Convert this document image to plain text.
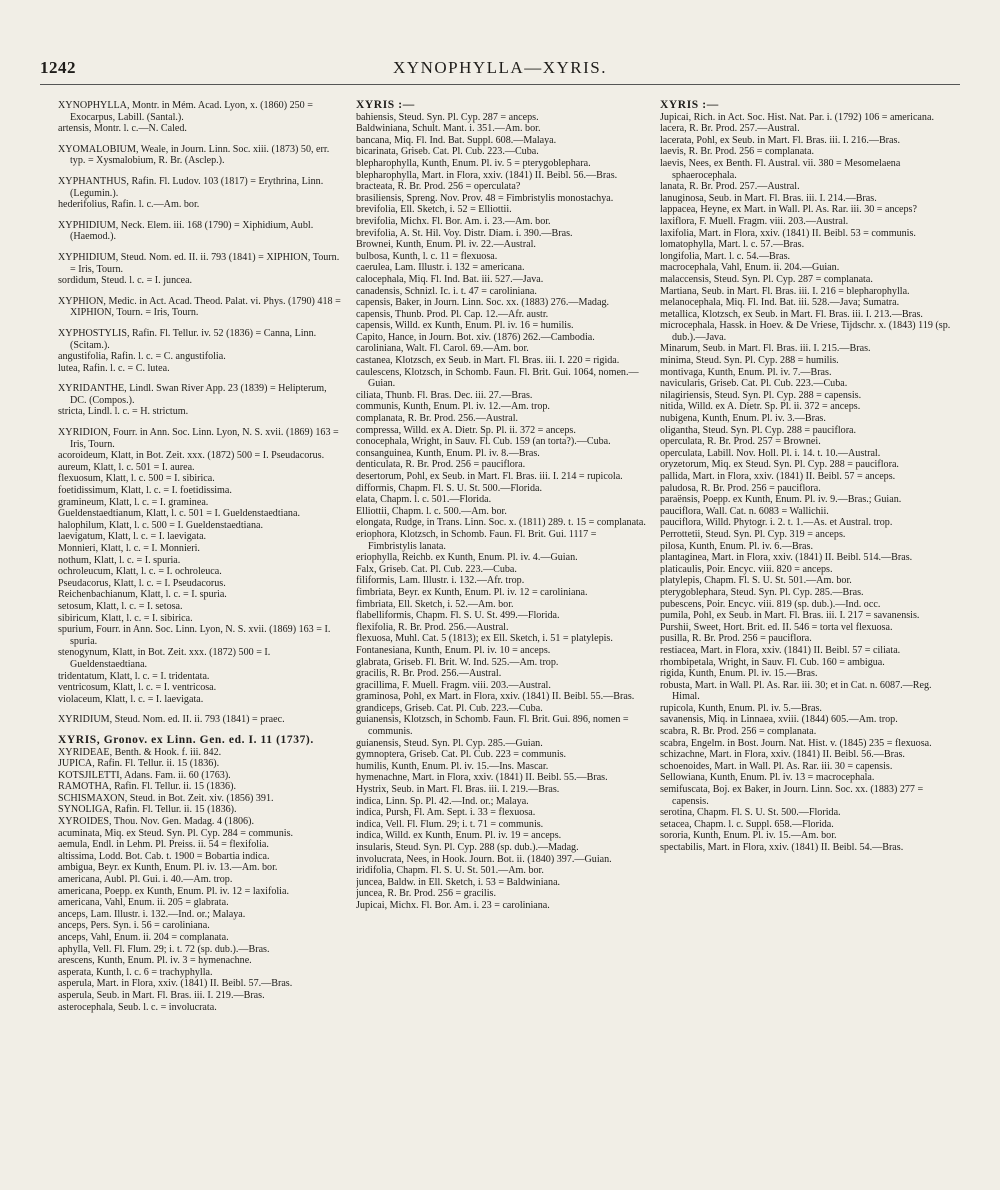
1242	XYNOPHYLLA—XYRIS.

XYNOPHYLLA, Montr. in Mém. Acad. Lyon, x. (1860) 250 = Exocarpus, Labill. (Santal.).

artensis, Montr. l. c.—N. Caled.

XYOMALOBIUM, Weale, in Journ. Linn. Soc. xiii. (1873) 50, err. typ. = Xysmalobium, R. Br. (Asclep.).

XYPHANTHUS, Rafin. Fl. Ludov. 103 (1817) = Erythrina, Linn. (Legumin.).

hederifolius, Rafin. l. c.—Am. bor.

XYPHIDIUM, Neck. Elem. iii. 168 (1790) = Xiphidium, Aubl. (Haemod.).

XYPHIDIUM, Steud. Nom. ed. II. ii. 793 (1841) = XIPHION, Tourn. = Iris, Tourn.

sordidum, Steud. l. c. = I. juncea.

XYPHION, Medic. in Act. Acad. Theod. Palat. vi. Phys. (1790) 418 = XIPHION, Tourn. = Iris, Tourn.

XYPHOSTYLIS, Rafin. Fl. Tellur. iv. 52 (1836) = Canna, Linn. (Scitam.).

angustifolia, Rafin. l. c. = C. angustifolia.

lutea, Rafin. l. c. = C. lutea.

XYRIDANTHE, Lindl. Swan River App. 23 (1839) = Helipterum, DC. (Compos.).

stricta, Lindl. l. c. = H. strictum.

XYRIDION, Fourr. in Ann. Soc. Linn. Lyon, N. S. xvii. (1869) 163 = Iris, Tourn.

acoroideum, Klatt, in Bot. Zeit. xxx. (1872) 500 = I. Pseudacorus.

aureum, Klatt, l. c. 501 = I. aurea.

flexuosum, Klatt, l. c. 500 = I. sibirica.

foetidissimum, Klatt, l. c. = I. foetidissima.

gramineum, Klatt, l. c. = I. graminea.

Gueldenstaedtianum, Klatt, l. c. 501 = I. Gueldenstaedtiana.

halophilum, Klatt, l. c. 500 = I. Gueldenstaedtiana.

laevigatum, Klatt, l. c. = I. laevigata.

Monnieri, Klatt, l. c. = I. Monnieri.

nothum, Klatt, l. c. = I. spuria.

ochroleucum, Klatt, l. c. = I. ochroleuca.

Pseudacorus, Klatt, l. c. = I. Pseudacorus.

Reichenbachianum, Klatt, l. c. = I. spuria.

setosum, Klatt, l. c. = I. setosa.

sibiricum, Klatt, l. c. = I. sibirica.

spurium, Fourr. in Ann. Soc. Linn. Lyon, N. S. xvii. (1869) 163 = I. spuria.

stenogynum, Klatt, in Bot. Zeit. xxx. (1872) 500 = I. Gueldenstaedtiana.

tridentatum, Klatt, l. c. = I. tridentata.

ventricosum, Klatt, l. c. = I. ventricosa.

violaceum, Klatt, l. c. = I. laevigata.

XYRIDIUM, Steud. Nom. ed. II. ii. 793 (1841) = praec.

XYRIS, Gronov. ex Linn. Gen. ed. I. 11 (1737).

XYRIDEAE, Benth. & Hook. f. iii. 842.

JUPICA, Rafin. Fl. Tellur. ii. 15 (1836).

KOTSJILETTI, Adans. Fam. ii. 60 (1763).

RAMOTHA, Rafin. Fl. Tellur. ii. 15 (1836).

SCHISMAXON, Steud. in Bot. Zeit. xiv. (1856) 391.

SYNOLIGA, Rafin. Fl. Tellur. ii. 15 (1836).

XYROIDES, Thou. Nov. Gen. Madag. 4 (1806).

acuminata, Miq. ex Steud. Syn. Pl. Cyp. 284 = communis.

aemula, Endl. in Lehm. Pl. Preiss. ii. 54 = flexifolia.

altissima, Lodd. Bot. Cab. t. 1900 = Bobartia indica.

ambigua, Beyr. ex Kunth, Enum. Pl. iv. 13.—Am. bor.

americana, Aubl. Pl. Gui. i. 40.—Am. trop.

americana, Poepp. ex Kunth, Enum. Pl. iv. 12 = laxifolia.

americana, Vahl, Enum. ii. 205 = glabrata.

anceps, Lam. Illustr. i. 132.—Ind. or.; Malaya.

anceps, Pers. Syn. i. 56 = caroliniana.

anceps, Vahl, Enum. ii. 204 = complanata.

aphylla, Vell. Fl. Flum. 29; i. t. 72 (sp. dub.).—Bras.

arescens, Kunth, Enum. Pl. iv. 3 = hymenachne.

asperata, Kunth, l. c. 6 = trachyphylla.

asperula, Mart. in Flora, xxiv. (1841) II. Beibl. 57.—Bras.

asperula, Seub. in Mart. Fl. Bras. iii. I. 219.—Bras.

asterocephala, Seub. l. c. = involucrata.

XYRIS :—

bahiensis, Steud. Syn. Pl. Cyp. 287 = anceps.

Baldwiniana, Schult. Mant. i. 351.—Am. bor.

bancana, Miq. Fl. Ind. Bat. Suppl. 608.—Malaya.

bicarinata, Griseb. Cat. Pl. Cub. 223.—Cuba.

blepharophylla, Kunth, Enum. Pl. iv. 5 = pterygoblephara.

blepharophylla, Mart. in Flora, xxiv. (1841) II. Beibl. 56.—Bras.

bracteata, R. Br. Prod. 256 = operculata?

brasiliensis, Spreng. Nov. Prov. 48 = Fimbristylis monostachya.

brevifolia, Ell. Sketch, i. 52 = Elliottii.

brevifolia, Michx. Fl. Bor. Am. i. 23.—Am. bor.

brevifolia, A. St. Hil. Voy. Distr. Diam. i. 390.—Bras.

Brownei, Kunth, Enum. Pl. iv. 22.—Austral.

bulbosa, Kunth, l. c. 11 = flexuosa.

caerulea, Lam. Illustr. i. 132 = americana.

calocephala, Miq. Fl. Ind. Bat. iii. 527.—Java.

canadensis, Schnizl. Ic. i. t. 47 = caroliniana.

capensis, Baker, in Journ. Linn. Soc. xx. (1883) 276.—Madag.

capensis, Thunb. Prod. Pl. Cap. 12.—Afr. austr.

capensis, Willd. ex Kunth, Enum. Pl. iv. 16 = humilis.

Capito, Hance, in Journ. Bot. xiv. (1876) 262.—Cambodia.

caroliniana, Walt. Fl. Carol. 69.—Am. bor.

castanea, Klotzsch, ex Seub. in Mart. Fl. Bras. iii. I. 220 = rigida.

caulescens, Klotzsch, in Schomb. Faun. Fl. Brit. Gui. 1064, nomen.—Guian.

ciliata, Thunb. Fl. Bras. Dec. iii. 27.—Bras.

communis, Kunth, Enum. Pl. iv. 12.—Am. trop.

complanata, R. Br. Prod. 256.—Austral.

compressa, Willd. ex A. Dietr. Sp. Pl. ii. 372 = anceps.

conocephala, Wright, in Sauv. Fl. Cub. 159 (an torta?).—Cuba.

consanguinea, Kunth, Enum. Pl. iv. 8.—Bras.

denticulata, R. Br. Prod. 256 = pauciflora.

desertorum, Pohl, ex Seub. in Mart. Fl. Bras. iii. I. 214 = rupicola.

difformis, Chapm. Fl. S. U. St. 500.—Florida.

elata, Chapm. l. c. 501.—Florida.

Elliottii, Chapm. l. c. 500.—Am. bor.

elongata, Rudge, in Trans. Linn. Soc. x. (1811) 289. t. 15 = complanata.

eriophora, Klotzsch, in Schomb. Faun. Fl. Brit. Gui. 1117 = Fimbristylis lanata.

eriophylla, Reichb. ex Kunth, Enum. Pl. iv. 4.—Guian.

Falx, Griseb. Cat. Pl. Cub. 223.—Cuba.

filiformis, Lam. Illustr. i. 132.—Afr. trop.

fimbriata, Beyr. ex Kunth, Enum. Pl. iv. 12 = caroliniana.

fimbriata, Ell. Sketch, i. 52.—Am. bor.

flabelliformis, Chapm. Fl. S. U. St. 499.—Florida.

flexifolia, R. Br. Prod. 256.—Austral.

flexuosa, Muhl. Cat. 5 (1813); ex Ell. Sketch, i. 51 = platylepis.

Fontanesiana, Kunth, Enum. Pl. iv. 10 = anceps.

glabrata, Griseb. Fl. Brit. W. Ind. 525.—Am. trop.

gracilis, R. Br. Prod. 256.—Austral.

gracillima, F. Muell. Fragm. viii. 203.—Austral.

graminosa, Pohl, ex Mart. in Flora, xxiv. (1841) II. Beibl. 55.—Bras.

grandiceps, Griseb. Cat. Pl. Cub. 223.—Cuba.

guianensis, Klotzsch, in Schomb. Faun. Fl. Brit. Gui. 896, nomen = communis.

guianensis, Steud. Syn. Pl. Cyp. 285.—Guian.

gymnoptera, Griseb. Cat. Pl. Cub. 223 = communis.

humilis, Kunth, Enum. Pl. iv. 15.—Ins. Mascar.

hymenachne, Mart. in Flora, xxiv. (1841) II. Beibl. 55.—Bras.

Hystrix, Seub. in Mart. Fl. Bras. iii. I. 219.—Bras.

indica, Linn. Sp. Pl. 42.—Ind. or.; Malaya.

indica, Pursh, Fl. Am. Sept. i. 33 = flexuosa.

indica, Vell. Fl. Flum. 29; i. t. 71 = communis.

indica, Willd. ex Kunth, Enum. Pl. iv. 19 = anceps.

insularis, Steud. Syn. Pl. Cyp. 288 (sp. dub.).—Madag.

involucrata, Nees, in Hook. Journ. Bot. ii. (1840) 397.—Guian.

iridifolia, Chapm. Fl. S. U. St. 501.—Am. bor.

juncea, Baldw. in Ell. Sketch, i. 53 = Baldwiniana.

juncea, R. Br. Prod. 256 = gracilis.

Jupicai, Michx. Fl. Bor. Am. i. 23 = caroliniana.

XYRIS :—

Jupicai, Rich. in Act. Soc. Hist. Nat. Par. i. (1792) 106 = americana.

lacera, R. Br. Prod. 257.—Austral.

lacerata, Pohl, ex Seub. in Mart. Fl. Bras. iii. I. 216.—Bras.

laevis, R. Br. Prod. 256 = complanata.

laevis, Nees, ex Benth. Fl. Austral. vii. 380 = Mesomelaena sphaerocephala.

lanata, R. Br. Prod. 257.—Austral.

lanuginosa, Seub. in Mart. Fl. Bras. iii. I. 214.—Bras.

lappacea, Heyne, ex Mart. in Wall. Pl. As. Rar. iii. 30 = anceps?

laxiflora, F. Muell. Fragm. viii. 203.—Austral.

laxifolia, Mart. in Flora, xxiv. (1841) II. Beibl. 53 = communis.

lomatophylla, Mart. l. c. 57.—Bras.

longifolia, Mart. l. c. 54.—Bras.

macrocephala, Vahl, Enum. ii. 204.—Guian.

malaccensis, Steud. Syn. Pl. Cyp. 287 = complanata.

Martiana, Seub. in Mart. Fl. Bras. iii. I. 216 = blepharophylla.

melanocephala, Miq. Fl. Ind. Bat. iii. 528.—Java; Sumatra.

metallica, Klotzsch, ex Seub. in Mart. Fl. Bras. iii. I. 213.—Bras.

microcephala, Hassk. in Hoev. & De Vriese, Tijdschr. x. (1843) 119 (sp. dub.).—Java.

Minarum, Seub. in Mart. Fl. Bras. iii. I. 215.—Bras.

minima, Steud. Syn. Pl. Cyp. 288 = humilis.

montivaga, Kunth, Enum. Pl. iv. 7.—Bras.

navicularis, Griseb. Cat. Pl. Cub. 223.—Cuba.

nilagiriensis, Steud. Syn. Pl. Cyp. 288 = capensis.

nitida, Willd. ex A. Dietr. Sp. Pl. ii. 372 = anceps.

nubigena, Kunth, Enum. Pl. iv. 3.—Bras.

oligantha, Steud. Syn. Pl. Cyp. 288 = pauciflora.

operculata, R. Br. Prod. 257 = Brownei.

operculata, Labill. Nov. Holl. Pl. i. 14. t. 10.—Austral.

oryzetorum, Miq. ex Steud. Syn. Pl. Cyp. 288 = pauciflora.

pallida, Mart. in Flora, xxiv. (1841) II. Beibl. 57 = anceps.

paludosa, R. Br. Prod. 256 = pauciflora.

paraënsis, Poepp. ex Kunth, Enum. Pl. iv. 9.—Bras.; Guian.

pauciflora, Wall. Cat. n. 6083 = Wallichii.

pauciflora, Willd. Phytogr. i. 2. t. 1.—As. et Austral. trop.

Perrottetii, Steud. Syn. Pl. Cyp. 319 = anceps.

pilosa, Kunth, Enum. Pl. iv. 6.—Bras.

plantaginea, Mart. in Flora, xxiv. (1841) II. Beibl. 514.—Bras.

platicaulis, Poir. Encyc. viii. 820 = anceps.

platylepis, Chapm. Fl. S. U. St. 501.—Am. bor.

pterygoblephara, Steud. Syn. Pl. Cyp. 285.—Bras.

pubescens, Poir. Encyc. viii. 819 (sp. dub.).—Ind. occ.

pumila, Pohl, ex Seub. in Mart. Fl. Bras. iii. I. 217 = savanensis.

Purshii, Sweet, Hort. Brit. ed. II. 546 = torta vel flexuosa.

pusilla, R. Br. Prod. 256 = pauciflora.

restiacea, Mart. in Flora, xxiv. (1841) II. Beibl. 57 = ciliata.

rhombipetala, Wright, in Sauv. Fl. Cub. 160 = ambigua.

rigida, Kunth, Enum. Pl. iv. 15.—Bras.

robusta, Mart. in Wall. Pl. As. Rar. iii. 30; et in Cat. n. 6087.—Reg. Himal.

rupicola, Kunth, Enum. Pl. iv. 5.—Bras.

savanensis, Miq. in Linnaea, xviii. (1844) 605.—Am. trop.

scabra, R. Br. Prod. 256 = complanata.

scabra, Engelm. in Bost. Journ. Nat. Hist. v. (1845) 235 = flexuosa.

schizachne, Mart. in Flora, xxiv. (1841) II. Beibl. 56.—Bras.

schoenoides, Mart. in Wall. Pl. As. Rar. iii. 30 = capensis.

Sellowiana, Kunth, Enum. Pl. iv. 13 = macrocephala.

semifuscata, Boj. ex Baker, in Journ. Linn. Soc. xx. (1883) 277 = capensis.

serotina, Chapm. Fl. S. U. St. 500.—Florida.

setacea, Chapm. l. c. Suppl. 658.—Florida.

sororia, Kunth, Enum. Pl. iv. 15.—Am. bor.

spectabilis, Mart. in Flora, xxiv. (1841) II. Beibl. 54.—Bras.
